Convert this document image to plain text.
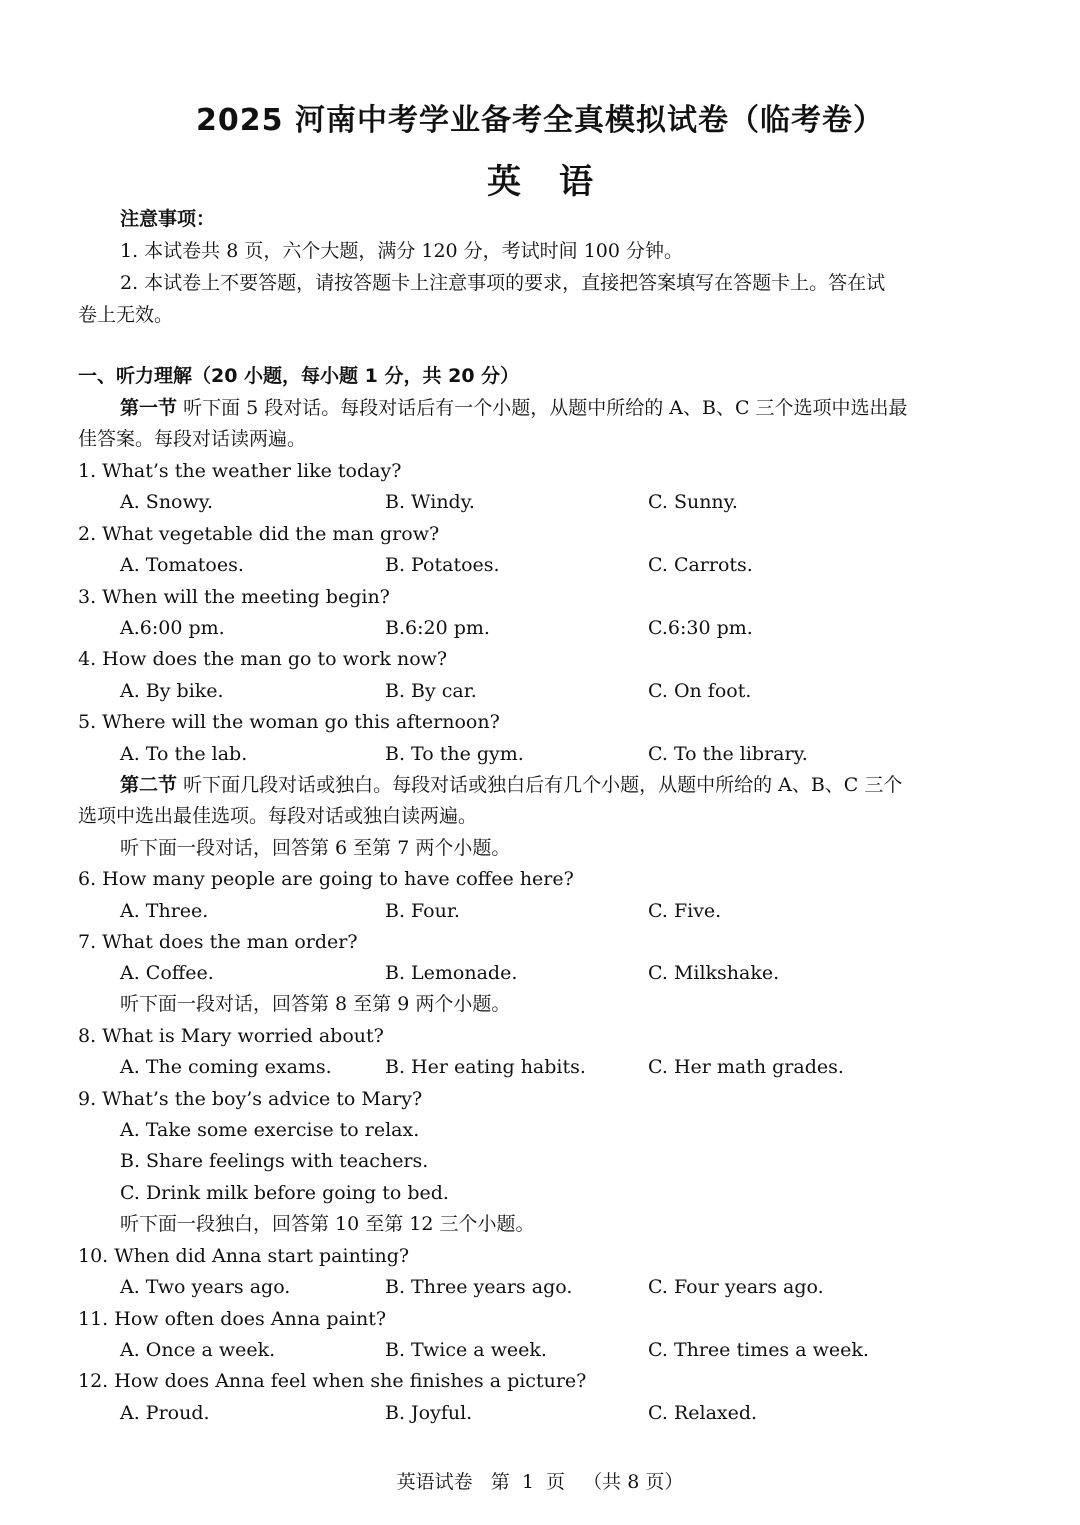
2025 河南中考学业备考全真模拟试卷（临考卷）
英语
注意事项：
1. 本试卷共 8 页，六个大题，满分 120 分，考试时间 100 分钟。
2. 本试卷上不要答题，请按答题卡上注意事项的要求，直接把答案填写在答题卡上。答在试
卷上无效。
一、听力理解（20 小题，每小题 1 分，共 20 分）
第一节 听下面 5 段对话。每段对话后有一个小题，从题中所给的 A、B、C 三个选项中选出最
佳答案。每段对话读两遍。
1. What’s the weather like today?
A. Snowy.	B. Windy.	C. Sunny.
2. What vegetable did the man grow?
A. Tomatoes.	B. Potatoes.	C. Carrots.
3. When will the meeting begin?
A.6:00 pm.	B.6:20 pm.	C.6:30 pm.
4. How does the man go to work now?
A. By bike.	B. By car.	C. On foot.
5. Where will the woman go this afternoon?
A. To the lab.	B. To the gym.	C. To the library.
第二节 听下面几段对话或独白。每段对话或独白后有几个小题，从题中所给的 A、B、C 三个
选项中选出最佳选项。每段对话或独白读两遍。
听下面一段对话，回答第 6 至第 7 两个小题。
6. How many people are going to have coffee here?
A. Three.	B. Four.	C. Five.
7. What does the man order?
A. Coffee.	B. Lemonade.	C. Milkshake.
听下面一段对话，回答第 8 至第 9 两个小题。
8. What is Mary worried about?
A. The coming exams.	B. Her eating habits.	C. Her math grades.
9. What’s the boy’s advice to Mary?
A. Take some exercise to relax.
B. Share feelings with teachers.
C. Drink milk before going to bed.
听下面一段独白，回答第 10 至第 12 三个小题。
10. When did Anna start painting?
A. Two years ago.	B. Three years ago.	C. Four years ago.
11. How often does Anna paint?
A. Once a week.	B. Twice a week.	C. Three times a week.
12. How does Anna feel when she finishes a picture?
A. Proud.	B. Joyful.	C. Relaxed.
英语试卷   第  1  页   （共 8 页）
